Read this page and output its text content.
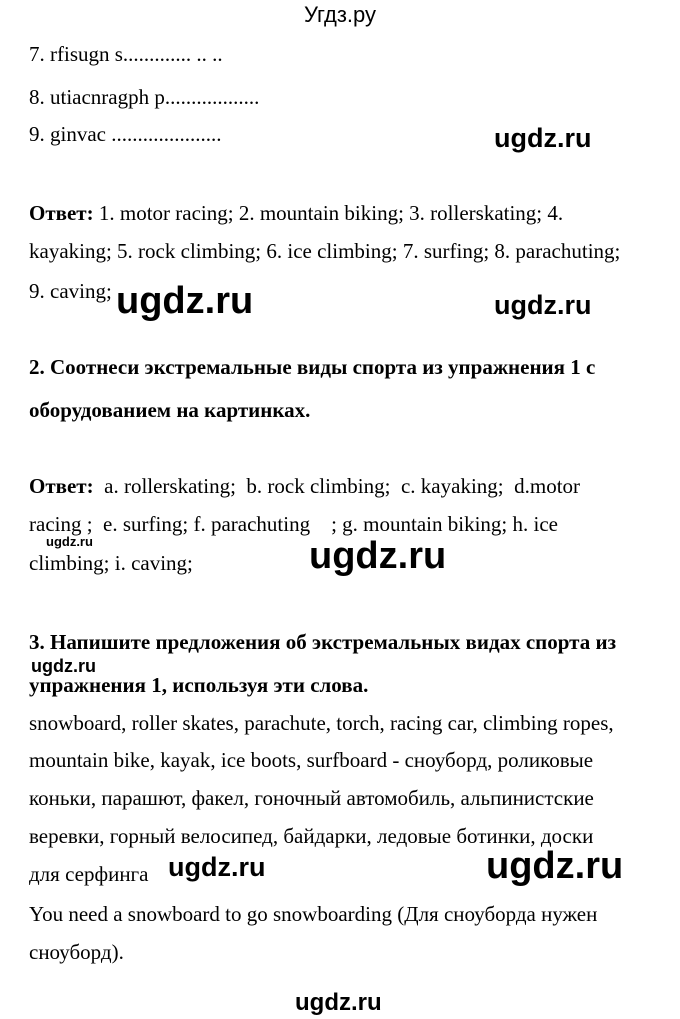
Угдз.ру
7. rfisugn s............. .. ..
8. utiacnragph p..................
9. ginvac .....................
Ответ: 1. motor racing; 2. mountain biking; 3. rollerskating; 4.
kayaking; 5. rock climbing; 6. ice climbing; 7. surfing; 8. parachuting;
9. caving;
2. Соотнеси экстремальные виды спорта из упражнения 1 с
оборудованием на картинках.
Ответ:  a. rollerskating;  b. rock climbing;  c. kayaking;  d.motor
racing ;  e. surfing; f. parachuting    ; g. mountain biking; h. ice
climbing; i. caving;
3. Напишите предложения об экстремальных видах спорта из
упражнения 1, используя эти слова.
snowboard, roller skates, parachute, torch, racing car, climbing ropes,
mountain bike, kayak, ice boots, surfboard - сноуборд, роликовые
коньки, парашют, факел, гоночный автомобиль, альпинистские
веревки, горный велосипед, байдарки, ледовые ботинки, доски
для серфинга
You need a snowboard to go snowboarding (Для сноуборда нужен
сноуборд).
ugdz.ru
ugdz.ru	ugdz.ru
ugdz.ru	ugdz.ru
ugdz.ru
ugdz.ru	ugdz.ru
ugdz.ru
